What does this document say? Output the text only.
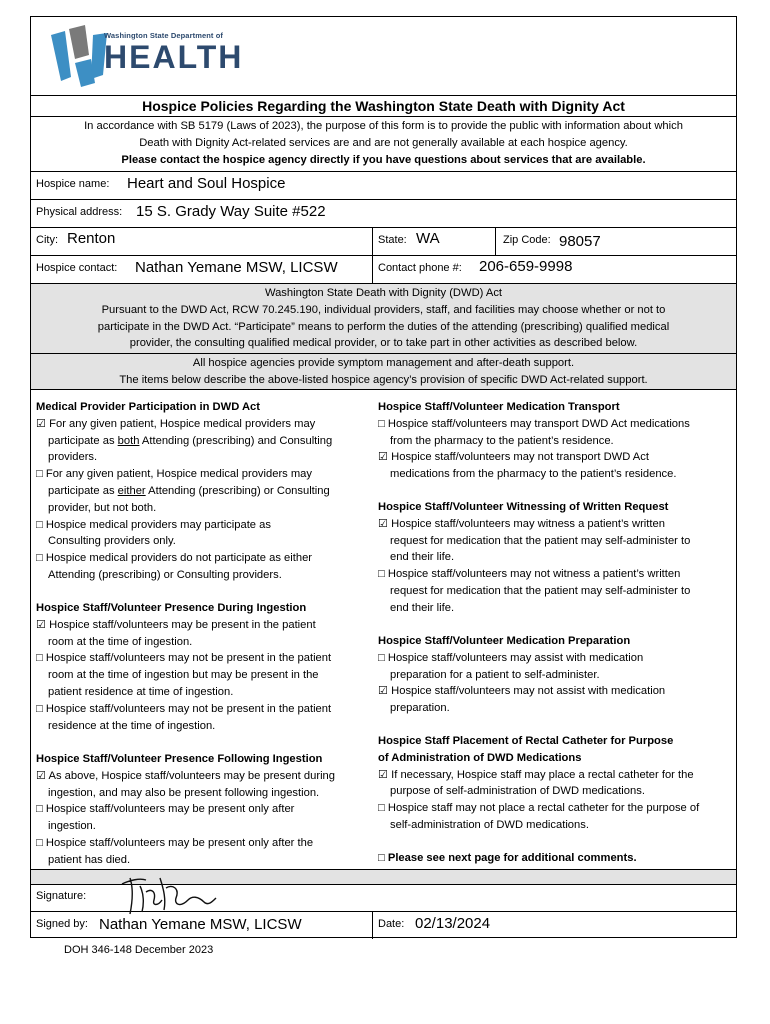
Washington State Department of
HEALTH
Hospice Policies Regarding the Washington State Death with Dignity Act
In accordance with SB 5179 (Laws of 2023), the purpose of this form is to provide the public with information about which
Death with Dignity Act-related services are and are not generally available at each hospice agency.
Please contact the hospice agency directly if you have questions about services that are available.
Hospice name: Heart and Soul Hospice
Physical address: 15 S. Grady Way Suite #522
City: Renton	State: WA	Zip Code: 98057
Hospice contact: Nathan Yemane MSW, LICSW	Contact phone #: 206-659-9998
Washington State Death with Dignity (DWD) Act
Pursuant to the DWD Act, RCW 70.245.190, individual providers, staff, and facilities may choose whether or not to
participate in the DWD Act. “Participate” means to perform the duties of the attending (prescribing) qualified medical
provider, the consulting qualified medical provider, or to take part in other activities as described below.
All hospice agencies provide symptom management and after-death support.
The items below describe the above-listed hospice agency’s provision of specific DWD Act-related support.
Medical Provider Participation in DWD Act
☑ For any given patient, Hospice medical providers may
participate as both Attending (prescribing) and Consulting
providers.
□ For any given patient, Hospice medical providers may
participate as either Attending (prescribing) or Consulting
provider, but not both.
□ Hospice medical providers may participate as
Consulting providers only.
□ Hospice medical providers do not participate as either
Attending (prescribing) or Consulting providers.
Hospice Staff/Volunteer Presence During Ingestion
☑ Hospice staff/volunteers may be present in the patient
room at the time of ingestion.
□ Hospice staff/volunteers may not be present in the patient
room at the time of ingestion but may be present in the
patient residence at time of ingestion.
□ Hospice staff/volunteers may not be present in the patient
residence at the time of ingestion.
Hospice Staff/Volunteer Presence Following Ingestion
☑ As above, Hospice staff/volunteers may be present during
ingestion, and may also be present following ingestion.
□ Hospice staff/volunteers may be present only after
ingestion.
□ Hospice staff/volunteers may be present only after the
patient has died.
Hospice Staff/Volunteer Medication Transport
□ Hospice staff/volunteers may transport DWD Act medications
from the pharmacy to the patient’s residence.
☑ Hospice staff/volunteers may not transport DWD Act
medications from the pharmacy to the patient’s residence.
Hospice Staff/Volunteer Witnessing of Written Request
☑ Hospice staff/volunteers may witness a patient’s written
request for medication that the patient may self-administer to
end their life.
□ Hospice staff/volunteers may not witness a patient’s written
request for medication that the patient may self-administer to
end their life.
Hospice Staff/Volunteer Medication Preparation
□ Hospice staff/volunteers may assist with medication
preparation for a patient to self-administer.
☑ Hospice staff/volunteers may not assist with medication
preparation.
Hospice Staff Placement of Rectal Catheter for Purpose
of Administration of DWD Medications
☑ If necessary, Hospice staff may place a rectal catheter for the
purpose of self-administration of DWD medications.
□ Hospice staff may not place a rectal catheter for the purpose of
self-administration of DWD medications.
□ Please see next page for additional comments.
Signature:
Signed by: Nathan Yemane MSW, LICSW	Date: 02/13/2024
DOH 346-148 December 2023
